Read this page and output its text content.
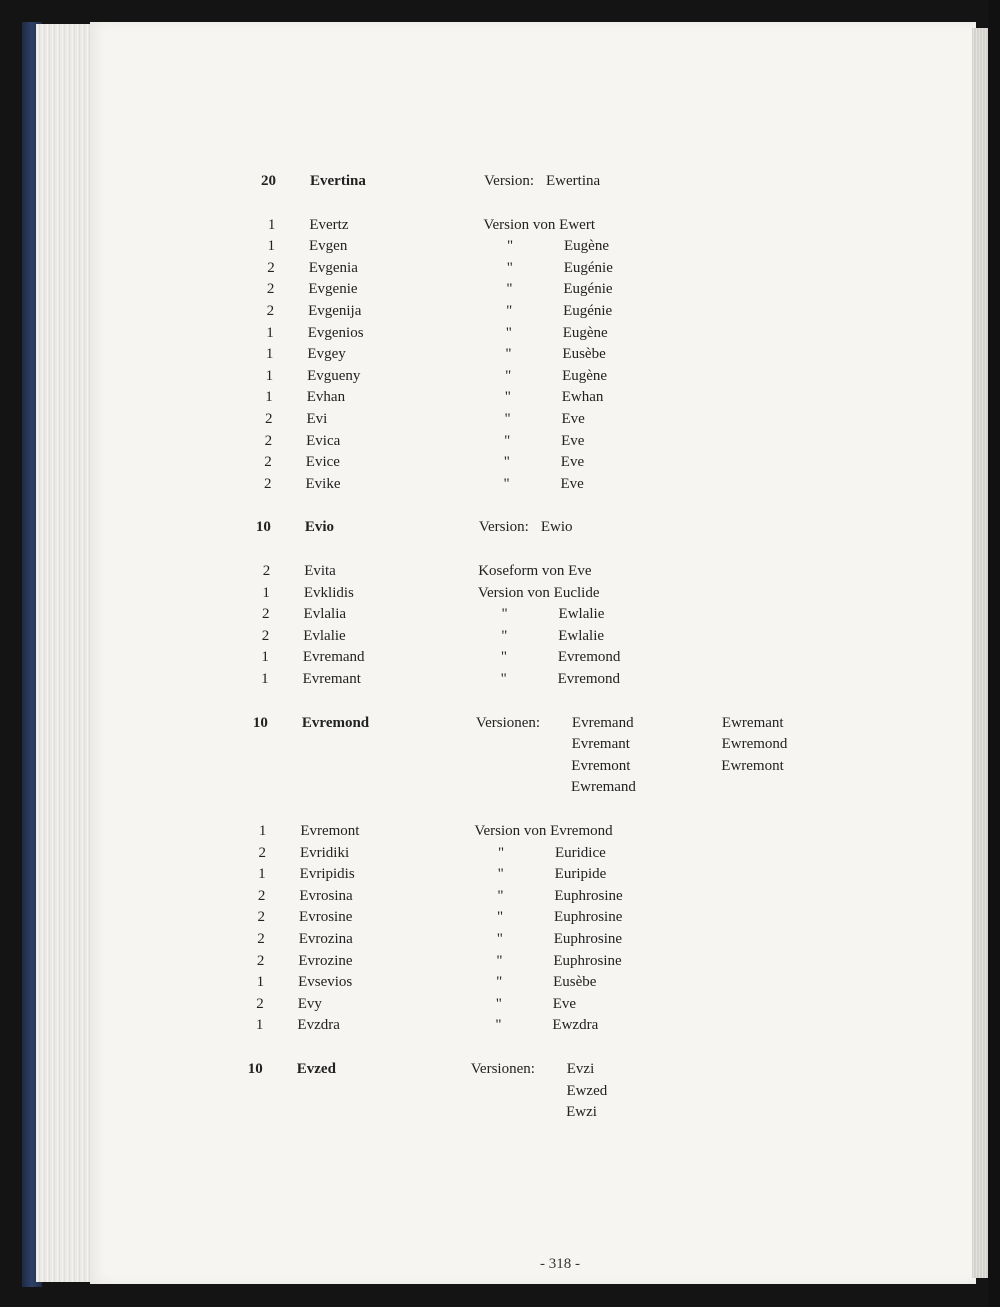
20 Evertina	Version: Ewertina
1 Evertz	Version von Ewert
1 Evgen	"	Eugène
2 Evgenia	"	Eugénie
2 Evgenie	"	Eugénie
2 Evgenija	"	Eugénie
1 Evgenios	"	Eugène
1 Evgey	"	Eusèbe
1 Evgueny	"	Eugène
1 Evhan	"	Ewhan
2 Evi	"	Eve
2 Evica	"	Eve
2 Evice	"	Eve
2 Evike	"	Eve
10 Evio	Version: Ewio
2 Evita	Koseform von Eve
1 Evklidis	Version von Euclide
2 Evlalia	"	Ewlalie
2 Evlalie	"	Ewlalie
1 Evremand	"	Evremond
1 Evremant	"	Evremond
10 Evremond	Versionen: Evremand	Ewremant
Evremant	Ewremond
Evremont	Ewremont
Ewremand
1 Evremont	Version von Evremond
2 Evridiki	"	Euridice
1 Evripidis	"	Euripide
2 Evrosina	"	Euphrosine
2 Evrosine	"	Euphrosine
2 Evrozina	"	Euphrosine
2 Evrozine	"	Euphrosine
1 Evsevios	"	Eusèbe
2 Evy	"	Eve
1 Evzdra	"	Ewzdra
10 Evzed	Versionen: Evzi
Ewzed
Ewzi
- 318 -
